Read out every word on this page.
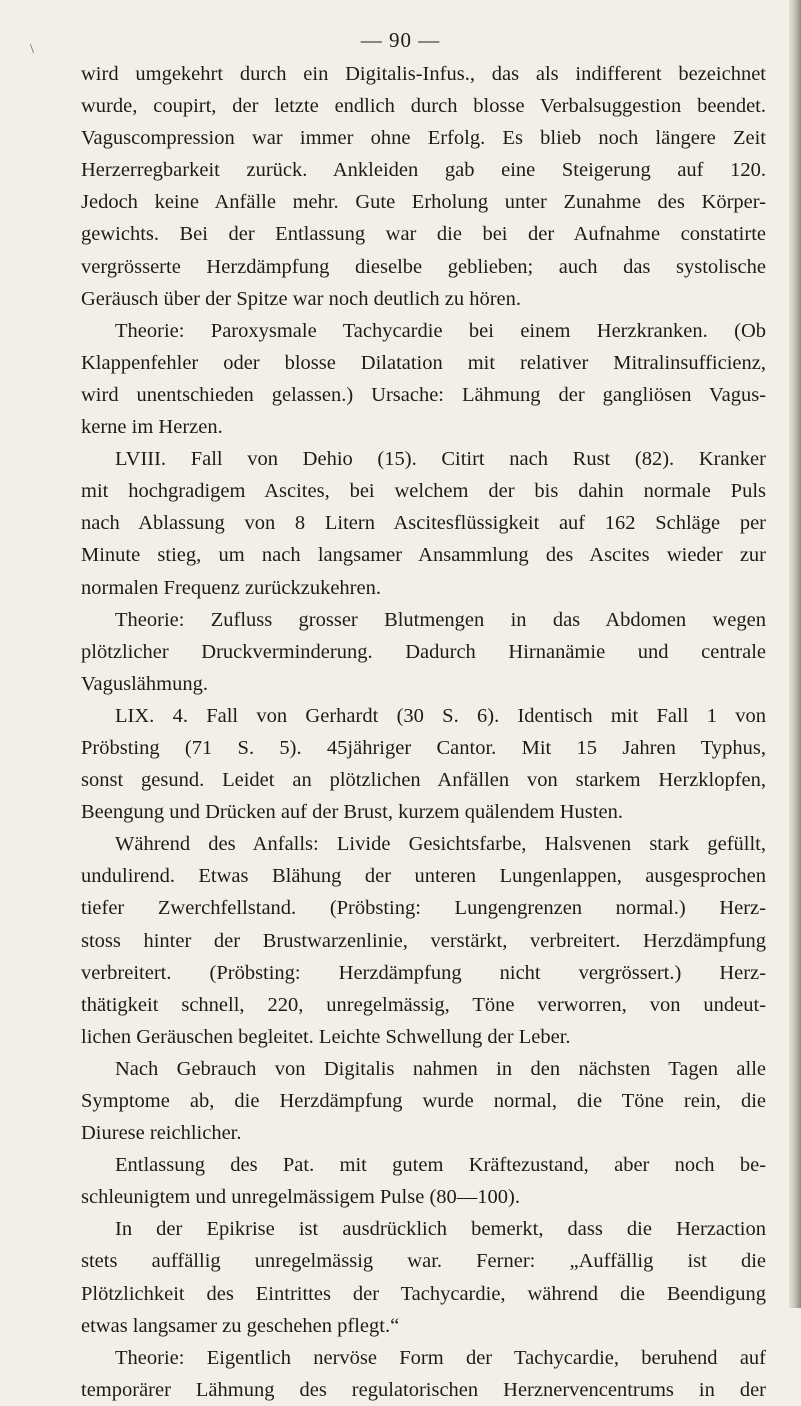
\	— 90 —
wird umgekehrt durch ein Digitalis-Infus., das als indifferent bezeichnet
wurde, coupirt, der letzte endlich durch blosse Verbalsuggestion beendet.
Vaguscompression war immer ohne Erfolg. Es blieb noch längere Zeit
Herzerregbarkeit zurück. Ankleiden gab eine Steigerung auf 120.
Jedoch keine Anfälle mehr. Gute Erholung unter Zunahme des Körper-
gewichts. Bei der Entlassung war die bei der Aufnahme constatirte
vergrösserte Herzdämpfung dieselbe geblieben; auch das systolische
Geräusch über der Spitze war noch deutlich zu hören.
Theorie: Paroxysmale Tachycardie bei einem Herzkranken. (Ob
Klappenfehler oder blosse Dilatation mit relativer Mitralinsufficienz,
wird unentschieden gelassen.) Ursache: Lähmung der gangliösen Vagus-
kerne im Herzen.
LVIII. Fall von Dehio (15). Citirt nach Rust (82). Kranker
mit hochgradigem Ascites, bei welchem der bis dahin normale Puls
nach Ablassung von 8 Litern Ascitesflüssigkeit auf 162 Schläge per
Minute stieg, um nach langsamer Ansammlung des Ascites wieder zur
normalen Frequenz zurückzukehren.
Theorie: Zufluss grosser Blutmengen in das Abdomen wegen
plötzlicher Druckverminderung. Dadurch Hirnanämie und centrale
Vaguslähmung.
LIX. 4. Fall von Gerhardt (30 S. 6). Identisch mit Fall 1 von
Pröbsting (71 S. 5). 45jähriger Cantor. Mit 15 Jahren Typhus,
sonst gesund. Leidet an plötzlichen Anfällen von starkem Herzklopfen,
Beengung und Drücken auf der Brust, kurzem quälendem Husten.
Während des Anfalls: Livide Gesichtsfarbe, Halsvenen stark gefüllt,
undulirend. Etwas Blähung der unteren Lungenlappen, ausgesprochen
tiefer Zwerchfellstand. (Pröbsting: Lungengrenzen normal.) Herz-
stoss hinter der Brustwarzenlinie, verstärkt, verbreitert. Herzdämpfung
verbreitert. (Pröbsting: Herzdämpfung nicht vergrössert.) Herz-
thätigkeit schnell, 220, unregelmässig, Töne verworren, von undeut-
lichen Geräuschen begleitet. Leichte Schwellung der Leber.
Nach Gebrauch von Digitalis nahmen in den nächsten Tagen alle
Symptome ab, die Herzdämpfung wurde normal, die Töne rein, die
Diurese reichlicher.
Entlassung des Pat. mit gutem Kräftezustand, aber noch be-
schleunigtem und unregelmässigem Pulse (80—100).
In der Epikrise ist ausdrücklich bemerkt, dass die Herzaction
stets auffällig unregelmässig war. Ferner: „Auffällig ist die
Plötzlichkeit des Eintrittes der Tachycardie, während die Beendigung
etwas langsamer zu geschehen pflegt.“
Theorie: Eigentlich nervöse Form der Tachycardie, beruhend auf
temporärer Lähmung des regulatorischen Herznervencentrums in der
